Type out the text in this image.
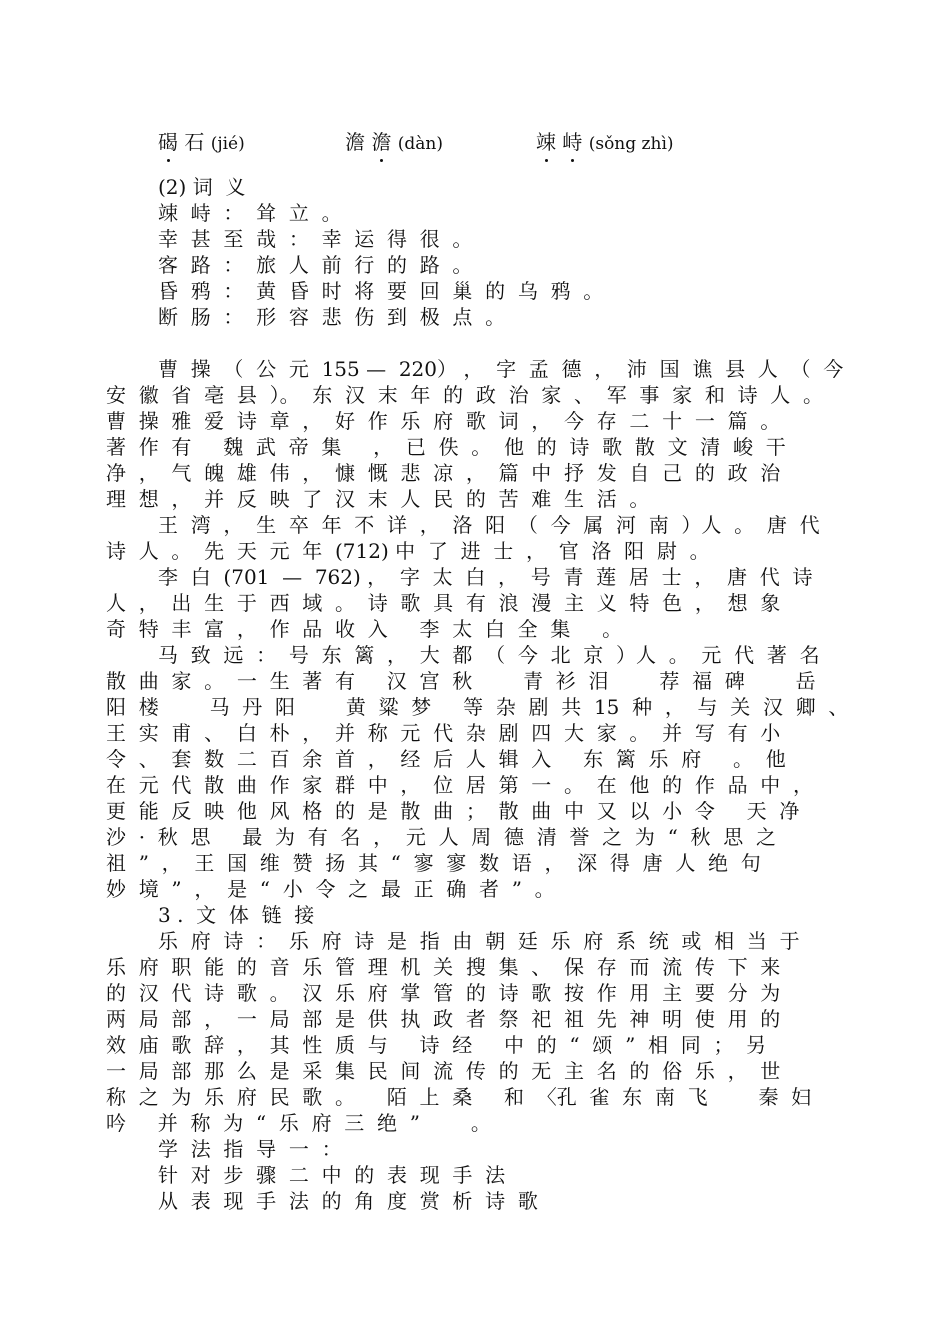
碣 石 (jié)	澹 澹 (dàn)	竦 峙 (sǒng zhì)
(2) 词  义
竦  峙  ：  耸  立  。
幸  甚  至  哉  ：  幸  运  得  很  。
客  路  ：  旅  人  前  行  的  路  。
昏  鸦  ：  黄  昏  时  将  要  回  巢  的  乌  鸦  。
断  肠  ：  形  容  悲  伤  到  极  点  。
曹  操  （  公  元  155 —  220） ，  字  孟  德  ，  沛  国  谯  县  人  （  今
安  徽  省  亳  县  ）。  东  汉  末  年  的  政  治  家  、  军  事  家  和  诗  人  。
曹  操  雅  爱  诗  章  ，  好  作  乐  府  歌  词  ，  今  存  二  十  一  篇  。
著  作  有     魏  武  帝  集     ，  已  佚  。  他  的  诗  歌  散  文  清  峻  干
净  ，  气  魄  雄  伟  ，  慷  慨  悲  凉  ，  篇  中  抒  发  自  己  的  政  治
理  想  ，  并  反  映  了  汉  末  人  民  的  苦  难  生  活  。
王  湾  ，  生  卒  年  不  详  ，  洛  阳  （  今  属  河  南  ）人  。  唐  代
诗  人  。  先  天  元  年  (712) 中  了  进  士  ，  官  洛  阳  尉  。
李  白  (701  —  762) ，  字  太  白  ，  号  青  莲  居  士  ，  唐  代  诗
人  ，  出  生  于  西  域  。  诗  歌  具  有  浪  漫  主  义  特  色  ，  想  象
奇  特  丰  富  ，  作  品  收  入     李  太  白  全  集     。
马  致  远  ：  号  东  篱  ，  大  都  （  今  北  京  ）人  。  元  代  著  名
散  曲  家  。  一  生  著  有     汉  宫  秋        青  衫  泪        荐  福  碑        岳
阳  楼        马  丹  阳        黄  粱  梦     等  杂  剧  共  15  种  ，  与  关  汉  卿  、
王  实  甫  、  白  朴  ，  并  称  元  代  杂  剧  四  大  家  。  并  写  有  小
令  、  套  数  二  百  余  首  ，  经  后  人  辑  入     东  篱  乐  府     。  他
在  元  代  散  曲  作  家  群  中  ，  位  居  第  一  。  在  他  的  作  品  中  ，
更  能  反  映  他  风  格  的  是  散  曲  ；  散  曲  中  又  以  小  令     天  净
沙  ·  秋  思     最  为  有  名  ，  元  人  周  德  清  誉  之  为  “  秋  思  之
祖  ”  ，  王  国  维  赞  扬  其  “  寥  寥  数  语  ，  深  得  唐  人  绝  句
妙  境  ”  ，  是  “  小  令  之  最  正  确  者  ”  。
3 .  文  体  链  接
乐  府  诗  ：  乐  府  诗  是  指  由  朝  廷  乐  府  系  统  或  相  当  于
乐  府  职  能  的  音  乐  管  理  机  关  搜  集  、  保  存  而  流  传  下  来
的  汉  代  诗  歌  。  汉  乐  府  掌  管  的  诗  歌  按  作  用  主  要  分  为
两  局  部  ，  一  局  部  是  供  执  政  者  祭  祀  祖  先  神  明  使  用  的
效  庙  歌  辞  ，  其  性  质  与     诗  经     中  的  “  颂  ”  相  同  ；  另
一  局  部  那  么  是  采  集  民  间  流  传  的  无  主  名  的  俗  乐  ，  世
称  之  为  乐  府  民  歌  。     陌  上  桑     和  〈孔  雀  东  南  飞        秦  妇
吟     并  称  为  “  乐  府  三  绝  ”        。
学  法  指  导  一  ：
针  对  步  骤  二  中  的  表  现  手  法
从  表  现  手  法  的  角  度  赏  析  诗  歌
